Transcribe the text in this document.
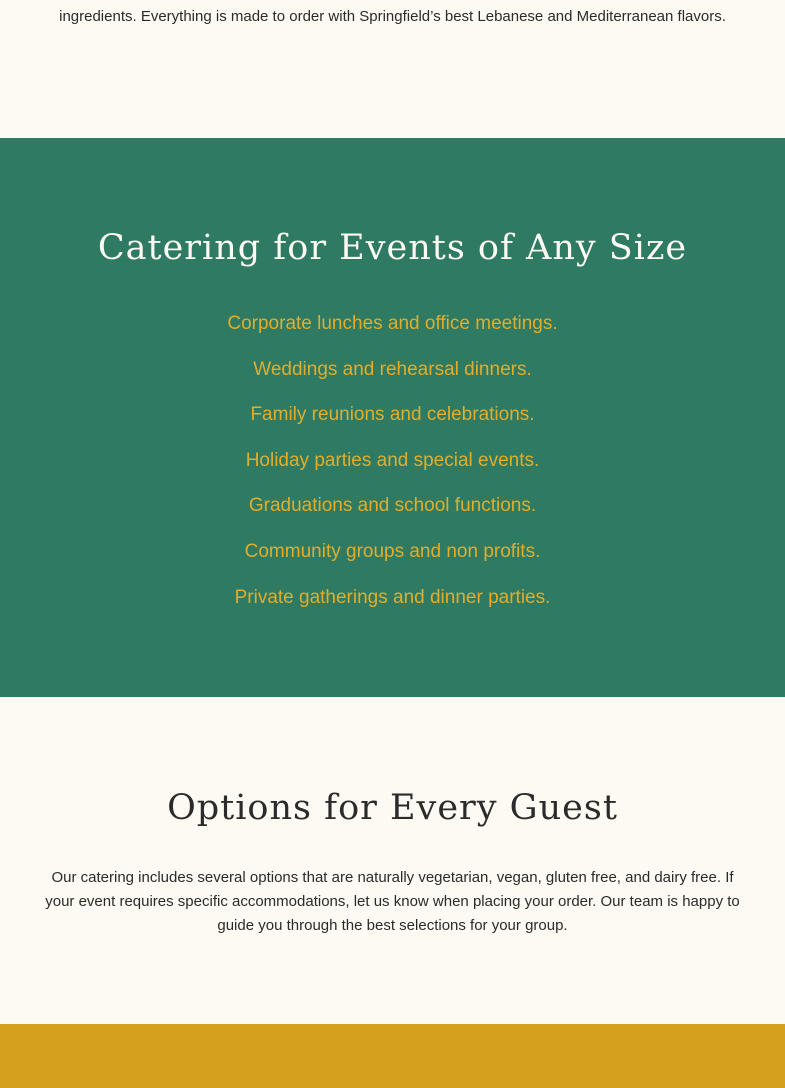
ingredients. Everything is made to order with Springfield’s best Lebanese and Mediterranean flavors.

Catering for Events of Any Size
Corporate lunches and office meetings.
Weddings and rehearsal dinners.
Family reunions and celebrations.
Holiday parties and special events.
Graduations and school functions.
Community groups and non profits.
Private gatherings and dinner parties.
Options for Every Guest

Our catering includes several options that are naturally vegetarian, vegan, gluten free, and dairy free. If your event requires specific accommodations, let us know when placing your order. Our team is happy to guide you through the best selections for your group.
